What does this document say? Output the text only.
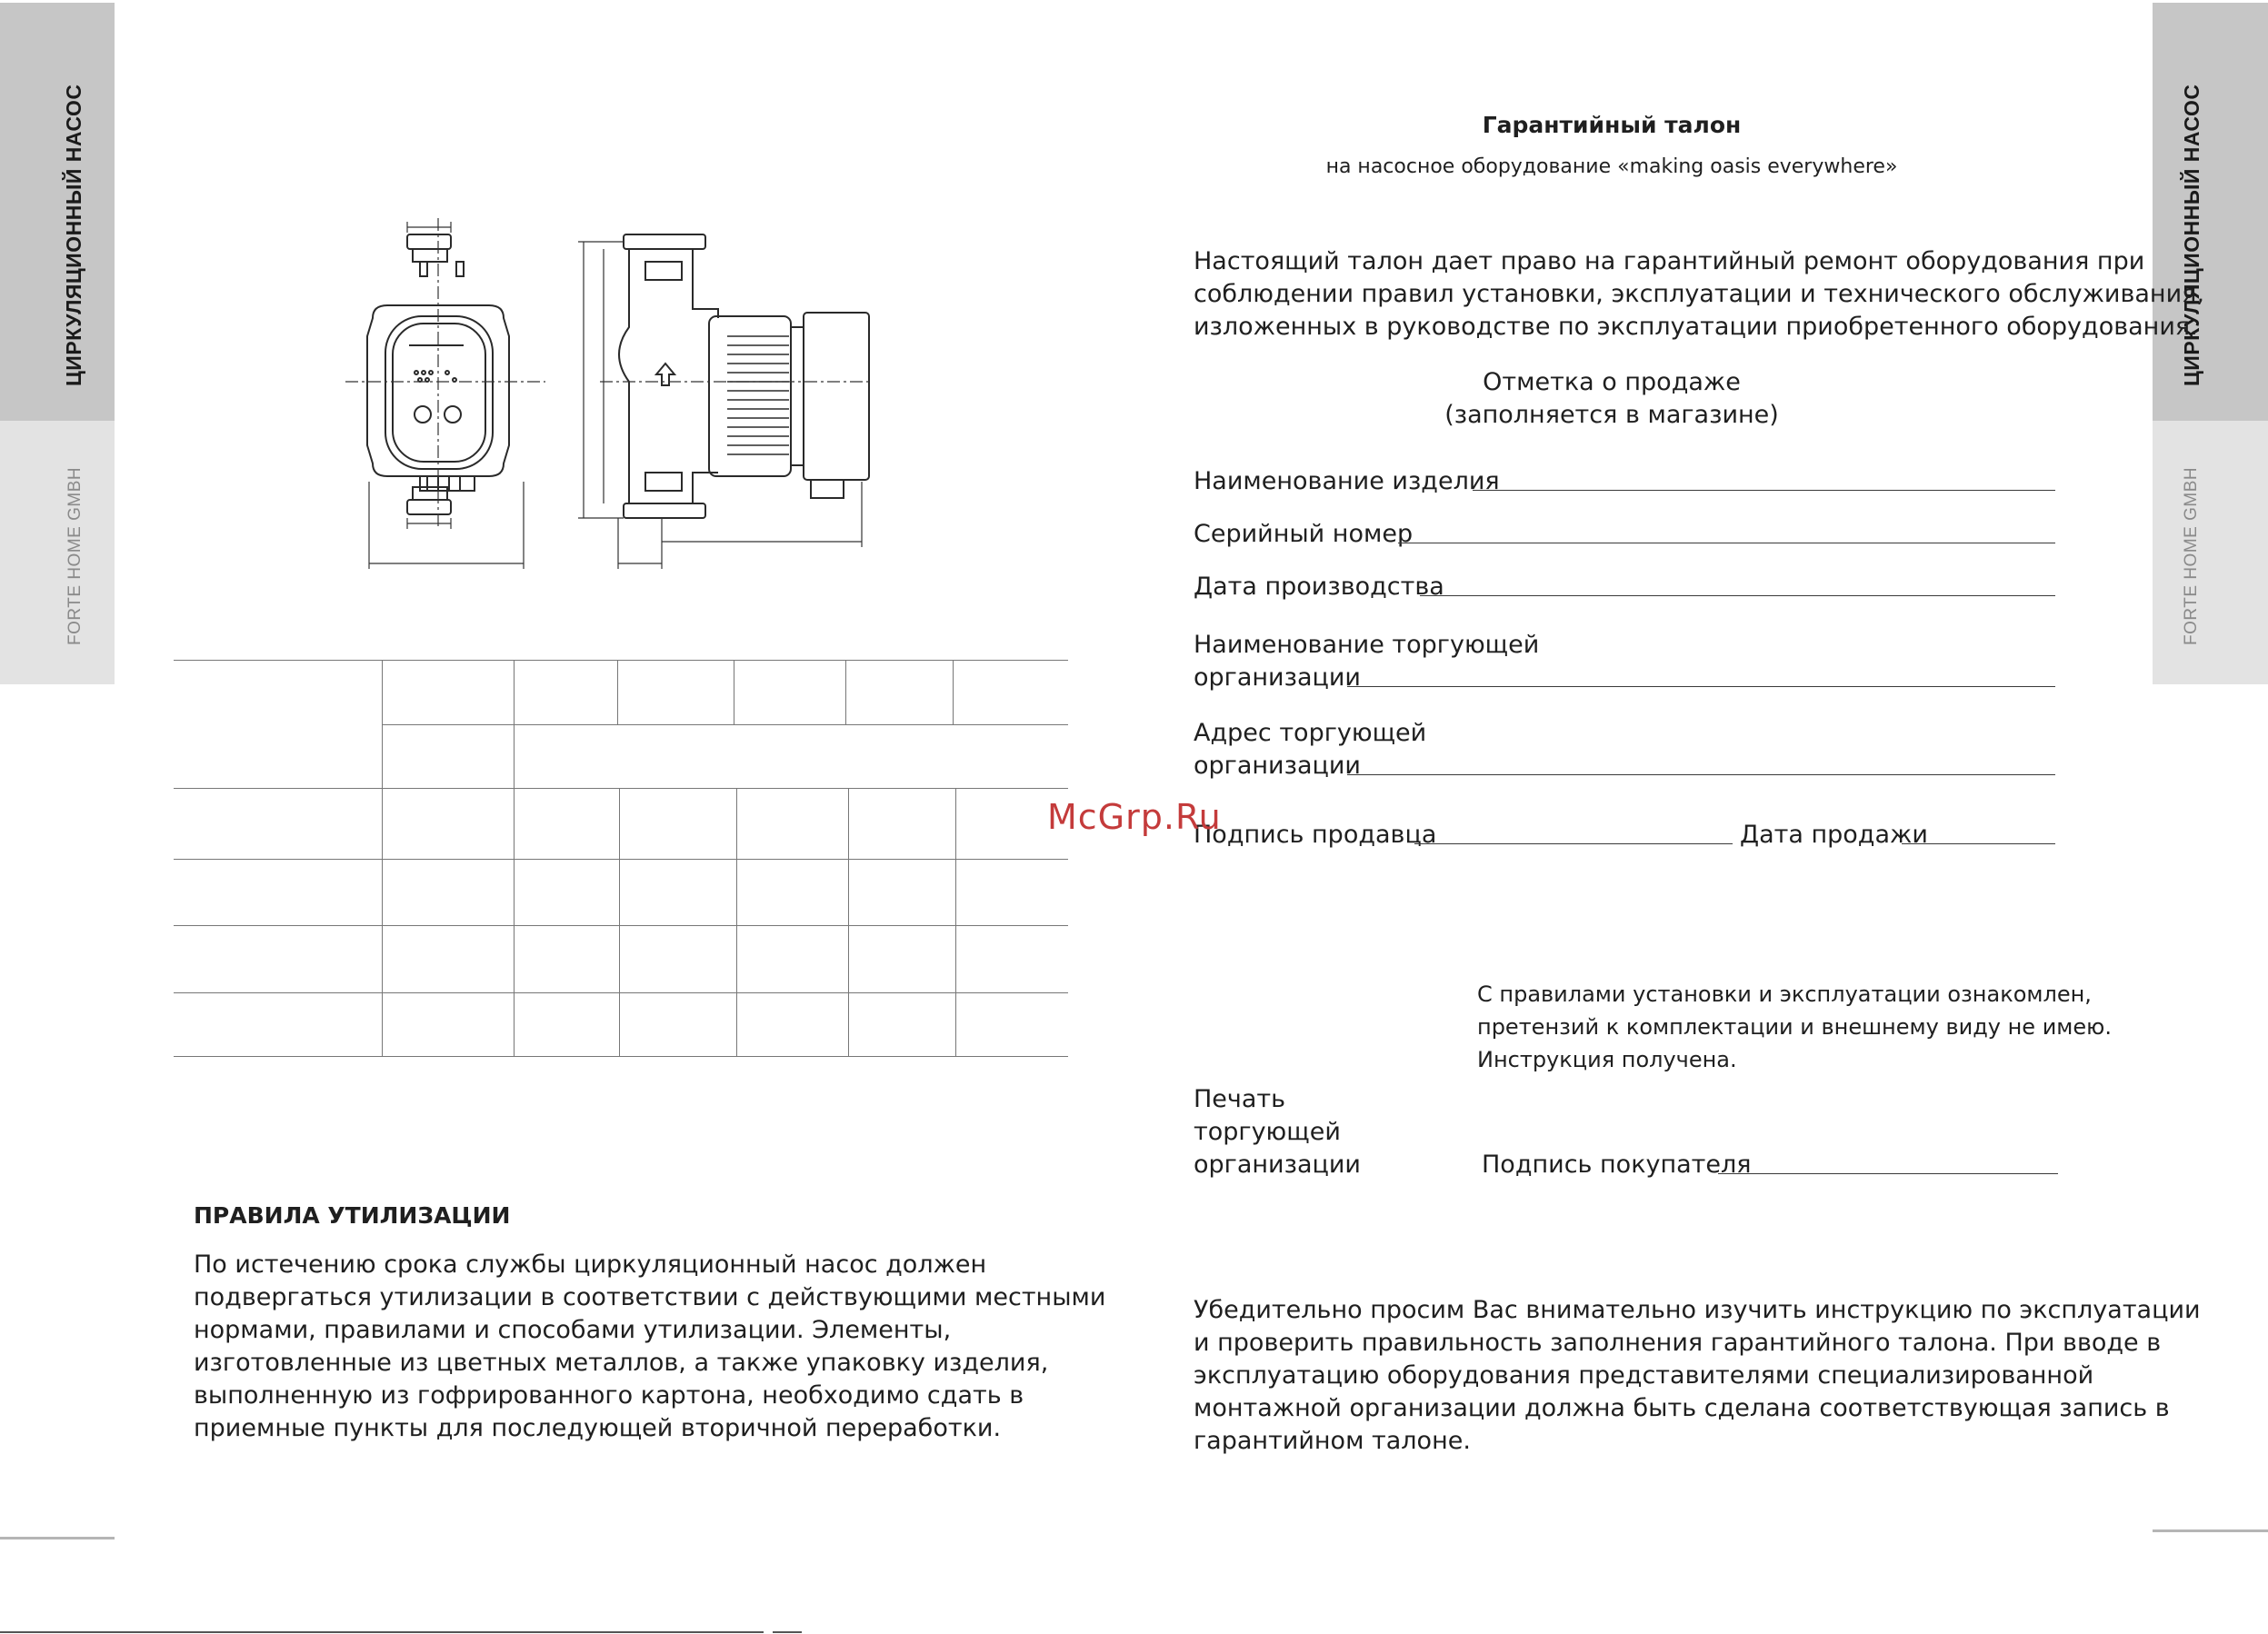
ЦИРКУЛЯЦИОННЫЙ НАСОС
FORTE HOME GMBH
ЦИРКУЛЯЦИОННЫЙ НАСОС
FORTE HOME GMBH
ПРАВИЛА УТИЛИЗАЦИИ
По истечению срока службы циркуляционный насос должен
подвергаться утилизации в соответствии с действующими местными
нормами, правилами и способами утилизации. Элементы,
изготовленные из цветных металлов, а также упаковку изделия,
выполненную из гофрированного картона, необходимо сдать в
приемные пункты для последующей вторичной переработки.
Гарантийный талон
на насосное оборудование «making oasis everywhere»
Настоящий талон дает право на гарантийный ремонт оборудования при
соблюдении правил установки, эксплуатации и технического обслуживания,
изложенных в руководстве по эксплуатации приобретенного оборудования.
Отметка о продаже
(заполняется в магазине)
Наименование изделия
Серийный номер
Дата производства
Наименование торгующей
организации
Адрес торгующей
организации
Подпись продавца	Дата продажи
С правилами установки и эксплуатации ознакомлен,
претензий к комплектации и внешнему виду не имею.
Инструкция получена.
Печать
торгующей
организации	Подпись покупателя
Убедительно просим Вас внимательно изучить инструкцию по эксплуатации
и проверить правильность заполнения гарантийного талона. При вводе в
эксплуатацию оборудования представителями специализированной
монтажной организации должна быть сделана соответствующая запись в
гарантийном талоне.
McGrp.Ru
